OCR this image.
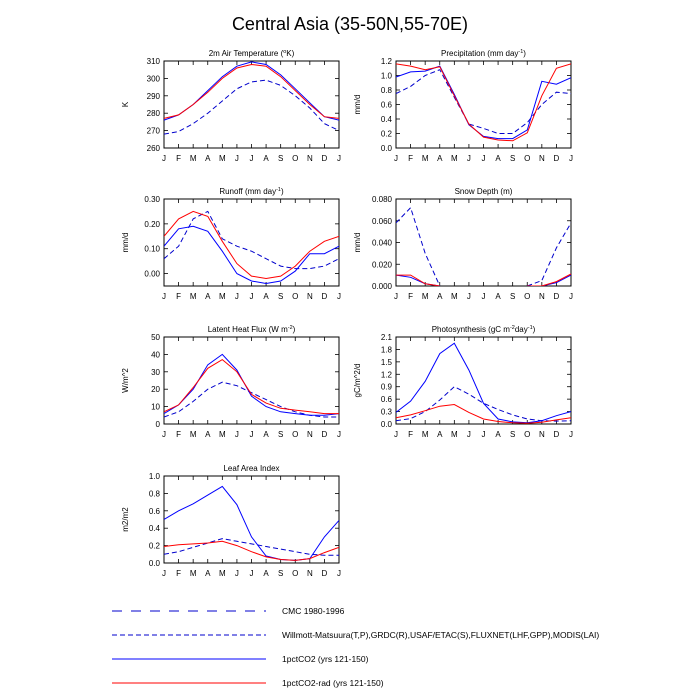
Central Asia (35-50N,55-70E)
2m Air Temperature ($^o$K)
260
270
280
290
300
310
J F M A M J J A S O N D J
K
Precipitation (mm day$^{-1}$)
0.0
0.2
0.4
0.6
0.8
1.0
1.2
J F M A M J J A S O N D J
mm/d
Runoff (mm day$^{-1}$)
0.00
0.10
0.20
0.30
J F M A M J J A S O N D J
mm/d
Snow Depth (m)
0.000
0.020
0.040
0.060
0.080
J F M A M J J A S O N D J
mm/d
Latent Heat Flux (W $m^{-2}$)
0
10
20
30
40
50
J F M A M J J A S O N D J
W/m^2
Photosynthesis (gC $m^{-2}day^{-1}$)
0.0
0.3
0.6
0.9
1.2
1.5
1.8
2.1
J F M A M J J A S O N D J
gC/m^2/d
Leaf Area Index
0.0
0.2
0.4
0.6
0.8
1.0
J F M A M J J A S O N D J
m2/m2
CMC 1980-1996
Willmott-Matsuura(T,P),GRDC(R),USAF/ETAC(S),FLUXNET(LHF,GPP),MODIS(LAI)
1pctCO2 (yrs 121-150)
1pctCO2-rad (yrs 121-150)
